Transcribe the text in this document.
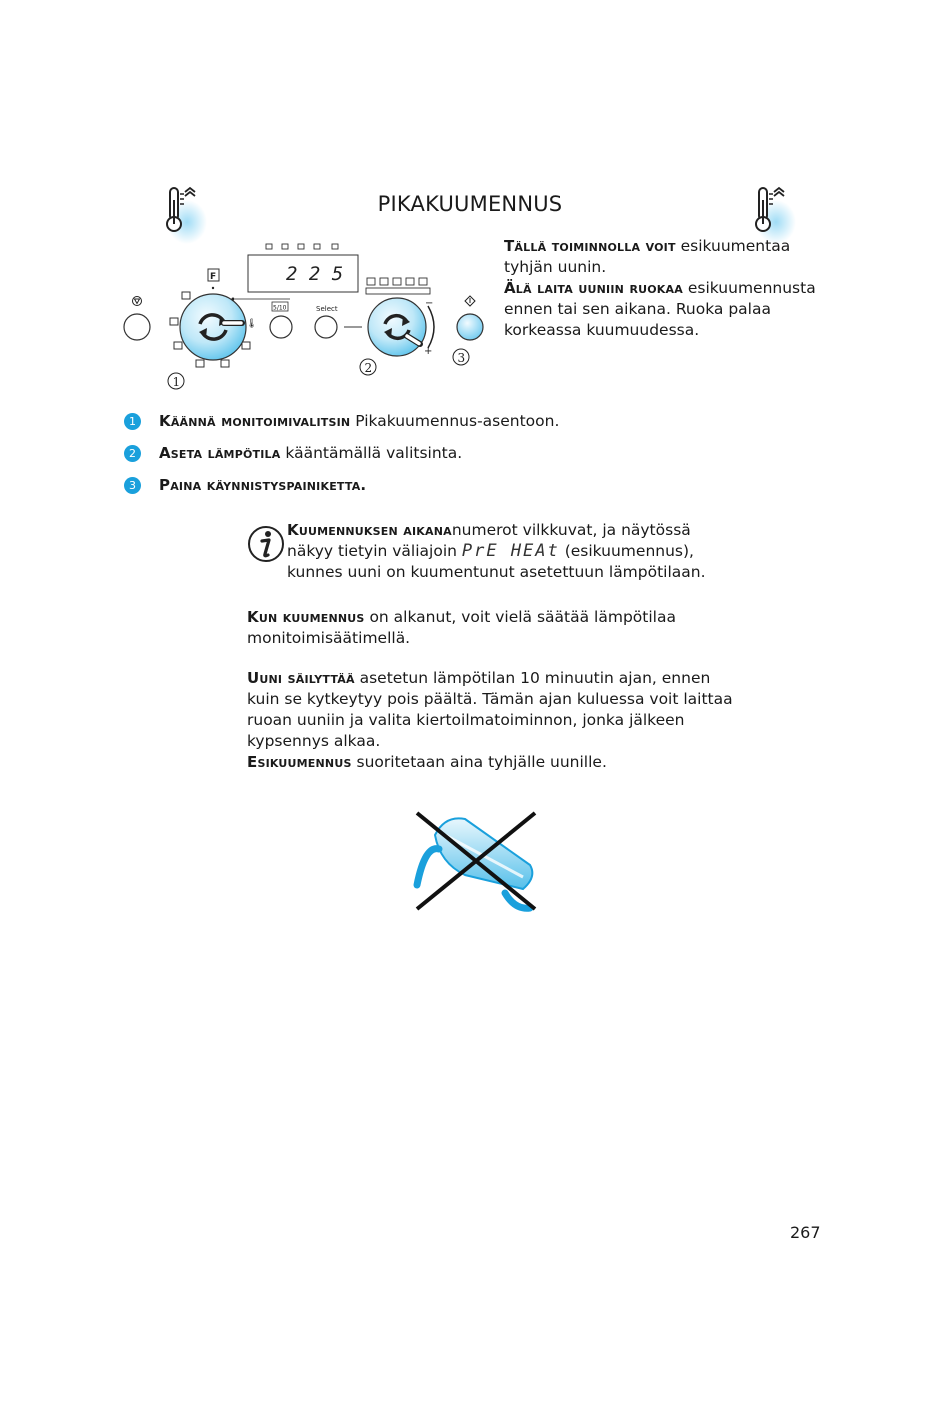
PIKAKUUMENNUS
F
🌡
2 2 5
5/10	Select	−
+
1
2
3

Tällä toiminnolla voit esikuumentaa tyhjän uunin.

Älä laita uuniin ruokaa esikuumennusta ennen tai sen aikana. Ruoka palaa korkeassa kuumuudessa.

1	Käännä monitoimivalitsin Pikakuumennus-asentoon.
2	Aseta lämpötila kääntämällä valitsinta.
3	Paina käynnistyspainiketta.
Kuumennuksen aikananumerot vilkkuvat, ja näytössä näkyy tietyin väliajoin PrE HEAt (esikuumennus), kunnes uuni on kuumentunut asetettuun lämpötilaan.

Kun kuumennus on alkanut, voit vielä säätää lämpötilaa monitoimisäätimellä.

Uuni säilyttää asetetun lämpötilan 10 minuutin ajan, ennen kuin se kytkeytyy pois päältä. Tämän ajan kuluessa voit laittaa ruoan uuniin ja valita kiertoilmatoiminnon, jonka jälkeen kypsennys alkaa.

Esikuumennus suoritetaan aina tyhjälle uunille.

267
